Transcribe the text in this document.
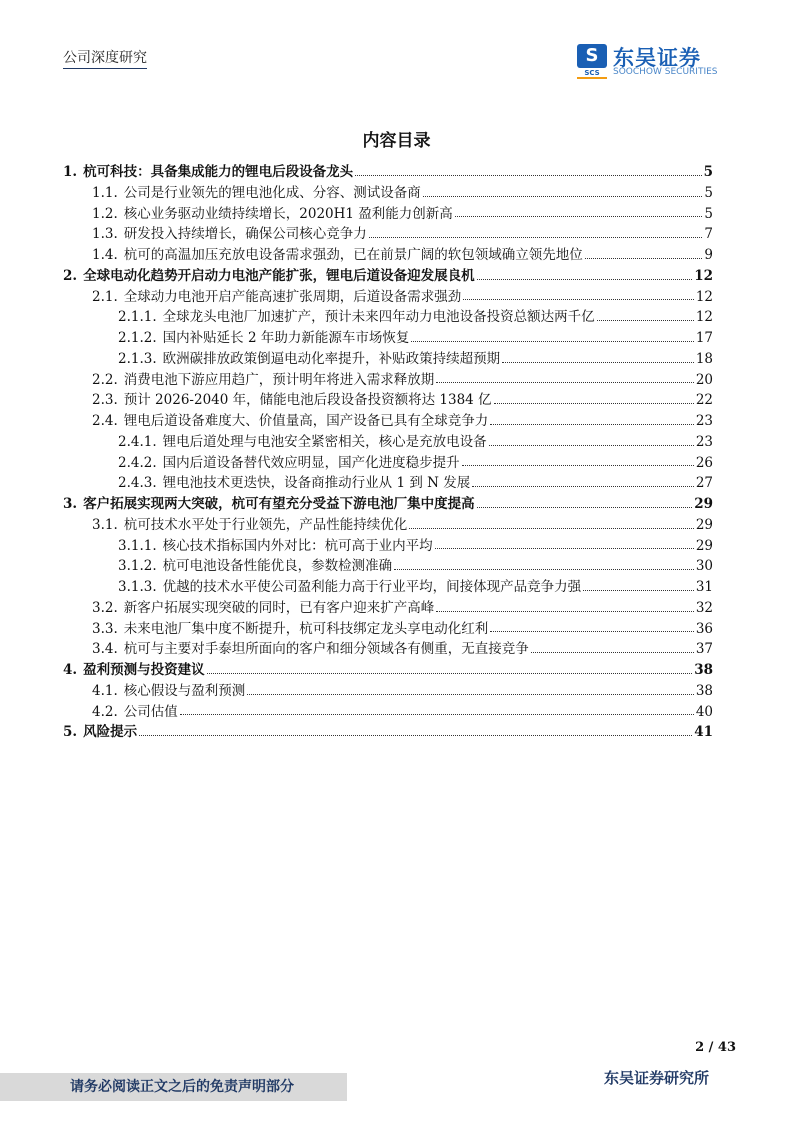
公司深度研究	S
SCS
东吴证券
SOOCHOW SECURITIES
内容目录
1. 杭可科技：具备集成能力的锂电后段设备龙头	5
1.1. 公司是行业领先的锂电池化成、分容、测试设备商	5
1.2. 核心业务驱动业绩持续增长，2020H1 盈利能力创新高	5
1.3. 研发投入持续增长，确保公司核心竞争力	7
1.4. 杭可的高温加压充放电设备需求强劲，已在前景广阔的软包领域确立领先地位	9
2. 全球电动化趋势开启动力电池产能扩张，锂电后道设备迎发展良机	12
2.1. 全球动力电池开启产能高速扩张周期，后道设备需求强劲	12
2.1.1. 全球龙头电池厂加速扩产，预计未来四年动力电池设备投资总额达两千亿	12
2.1.2. 国内补贴延长 2 年助力新能源车市场恢复	17
2.1.3. 欧洲碳排放政策倒逼电动化率提升，补贴政策持续超预期	18
2.2. 消费电池下游应用趋广，预计明年将进入需求释放期	20
2.3. 预计 2026-2040 年，储能电池后段设备投资额将达 1384 亿	22
2.4. 锂电后道设备难度大、价值量高，国产设备已具有全球竞争力	23
2.4.1. 锂电后道处理与电池安全紧密相关，核心是充放电设备	23
2.4.2. 国内后道设备替代效应明显，国产化进度稳步提升	26
2.4.3. 锂电池技术更迭快，设备商推动行业从 1 到 N 发展	27
3. 客户拓展实现两大突破，杭可有望充分受益下游电池厂集中度提高	29
3.1. 杭可技术水平处于行业领先，产品性能持续优化	29
3.1.1. 核心技术指标国内外对比：杭可高于业内平均	29
3.1.2. 杭可电池设备性能优良，参数检测准确	30
3.1.3. 优越的技术水平使公司盈利能力高于行业平均，间接体现产品竞争力强	31
3.2. 新客户拓展实现突破的同时，已有客户迎来扩产高峰	32
3.3. 未来电池厂集中度不断提升，杭可科技绑定龙头享电动化红利	36
3.4. 杭可与主要对手泰坦所面向的客户和细分领域各有侧重，无直接竞争	37
4. 盈利预测与投资建议	38
4.1. 核心假设与盈利预测	38
4.2. 公司估值	40
5. 风险提示	41
2 / 43
请务必阅读正文之后的免责声明部分	东吴证券研究所
